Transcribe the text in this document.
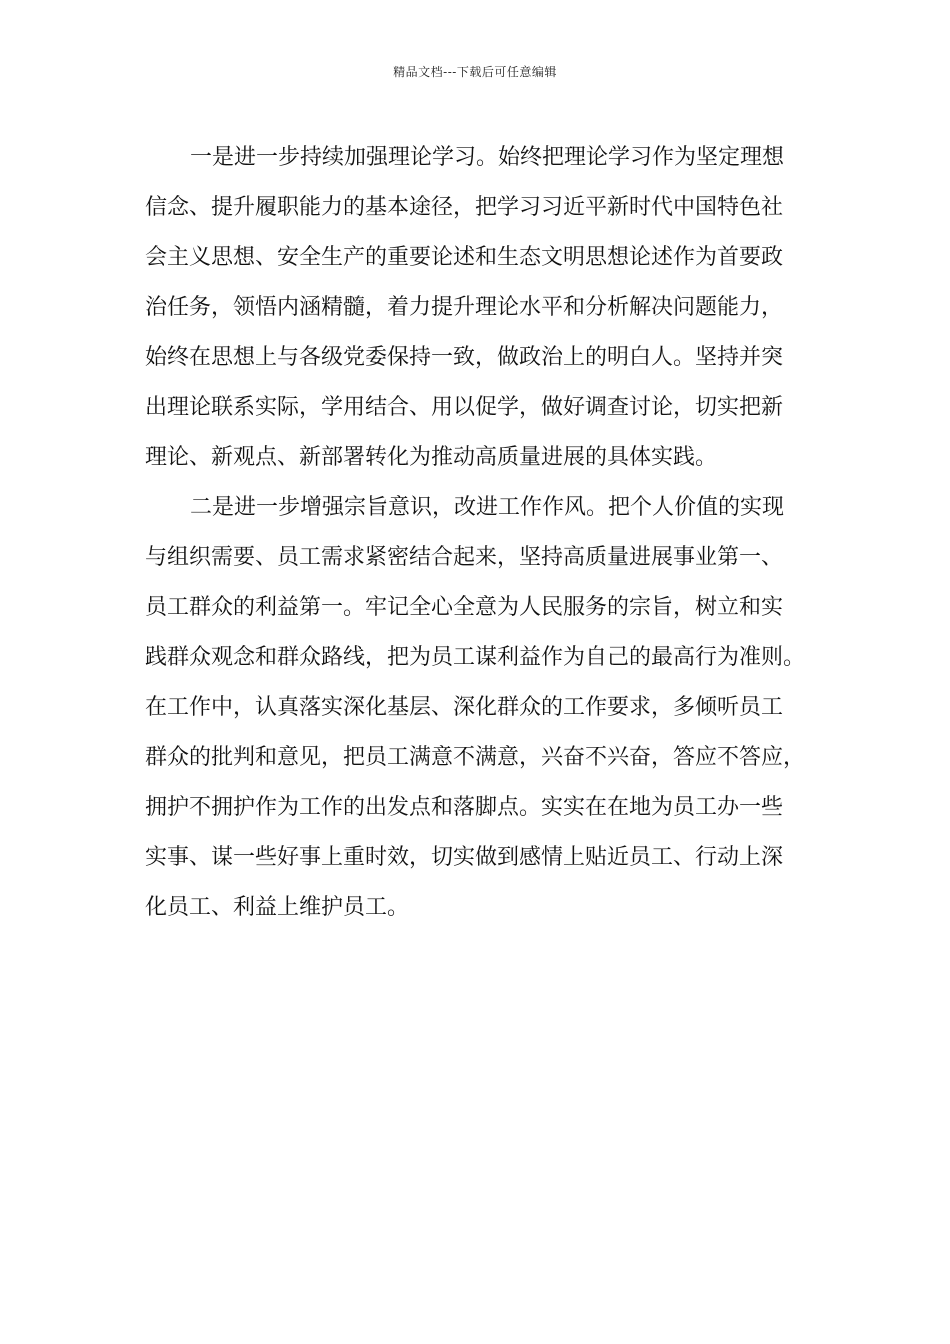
精品文档---下载后可任意编辑
一是进一步持续加强理论学习。始终把理论学习作为坚定理想
信念、提升履职能力的基本途径，把学习习近平新时代中国特色社
会主义思想、安全生产的重要论述和生态文明思想论述作为首要政
治任务，领悟内涵精髓，着力提升理论水平和分析解决问题能力，
始终在思想上与各级党委保持一致，做政治上的明白人。坚持并突
出理论联系实际，学用结合、用以促学，做好调查讨论，切实把新
理论、新观点、新部署转化为推动高质量进展的具体实践。
二是进一步增强宗旨意识，改进工作作风。把个人价值的实现
与组织需要、员工需求紧密结合起来，坚持高质量进展事业第一、
员工群众的利益第一。牢记全心全意为人民服务的宗旨，树立和实
践群众观念和群众路线，把为员工谋利益作为自己的最高行为准则。
在工作中，认真落实深化基层、深化群众的工作要求，多倾听员工
群众的批判和意见，把员工满意不满意，兴奋不兴奋，答应不答应，
拥护不拥护作为工作的出发点和落脚点。实实在在地为员工办一些
实事、谋一些好事上重时效，切实做到感情上贴近员工、行动上深
化员工、利益上维护员工。
